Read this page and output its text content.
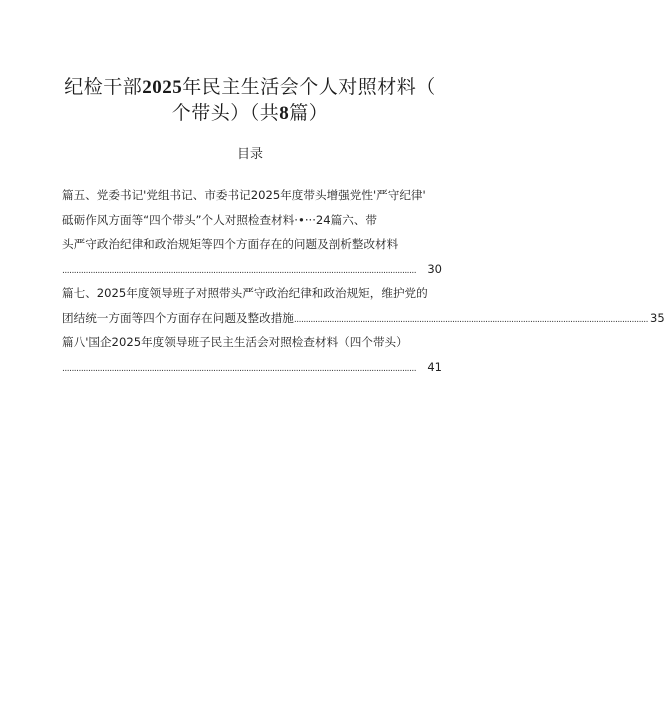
纪检干部2025年民主生活会个人对照材料（
个带头）（共8篇）
目录
篇五、党委书记'党组书记、市委书记2025年度带头增强党性'严守纪律'
砥砺作风方面等“四个带头”个人对照检查材料·•···24篇六、带
头严守政治纪律和政治规矩等四个方面存在的问题及剖析整改材料
...................................................................................................................................................... 30
篇七、2025年度领导班子对照带头严守政治纪律和政治规矩，维护党的
团结统一方面等四个方面存在问题及整改措施 ...................................................................................................................................................... 35
篇八'国企2025年度领导班子民主生活会对照检查材料（四个带头）
...................................................................................................................................................... 41
